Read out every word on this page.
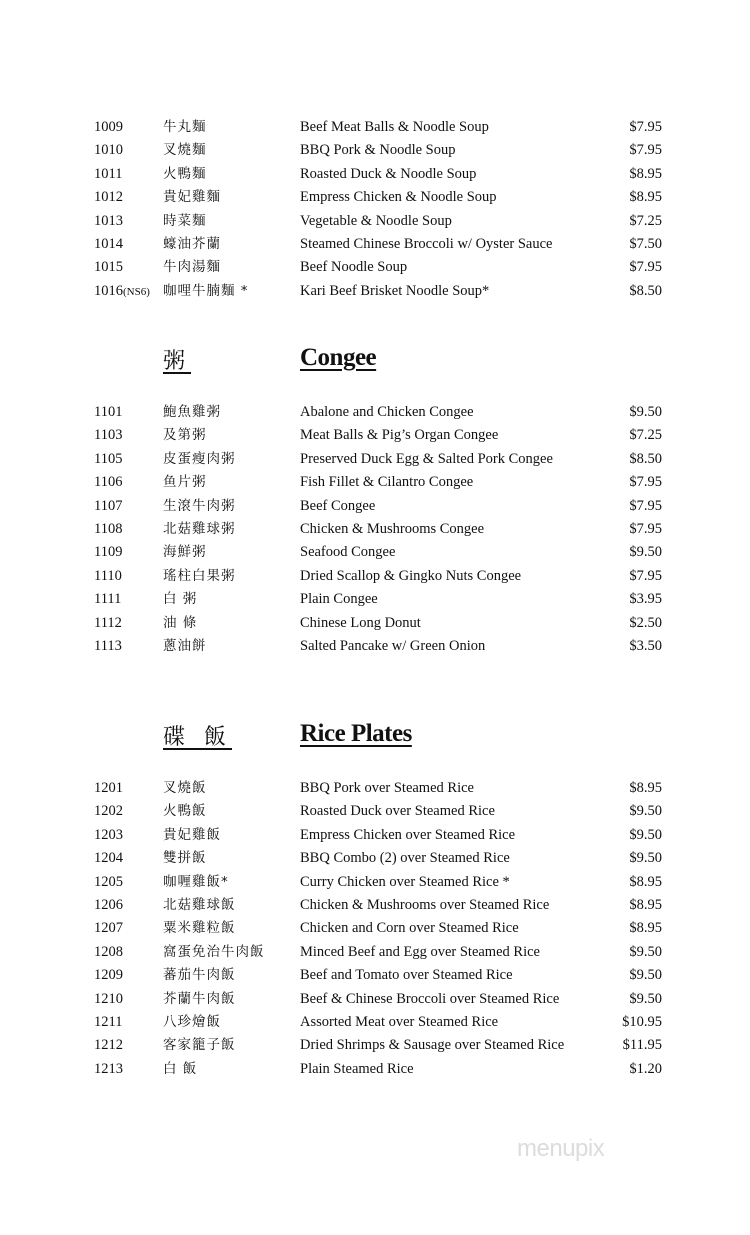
1009	牛丸麵	Beef Meat Balls & Noodle Soup	$7.95
1010	叉燒麵	BBQ Pork & Noodle Soup	$7.95
1011	火鴨麵	Roasted Duck & Noodle Soup	$8.95
1012	貴妃雞麵	Empress Chicken & Noodle Soup	$8.95
1013	時菜麵	Vegetable & Noodle Soup	$7.25
1014	蠔油芥蘭	Steamed Chinese Broccoli w/ Oyster Sauce	$7.50
1015	牛肉湯麵	Beef Noodle Soup	$7.95
1016(NS6) 咖哩牛腩麵 *	Kari Beef Brisket Noodle Soup*	$8.50
粥	Congee
1101	鮑魚雞粥	Abalone and Chicken Congee	$9.50
1103	及第粥	Meat Balls & Pig’s Organ Congee	$7.25
1105	皮蛋瘦肉粥	Preserved Duck Egg & Salted Pork Congee	$8.50
1106	鱼片粥	Fish Fillet & Cilantro Congee	$7.95
1107	生滾牛肉粥	Beef Congee	$7.95
1108	北菇雞球粥	Chicken & Mushrooms Congee	$7.95
1109	海鮮粥	Seafood Congee	$9.50
1110	瑤柱白果粥	Dried Scallop & Gingko Nuts Congee	$7.95
1111	白 粥	Plain Congee	$3.95
1112	油 條	Chinese Long Donut	$2.50
1113	蔥油餅	Salted Pancake w/ Green Onion	$3.50
碟 飯	Rice Plates
1201	叉燒飯	BBQ Pork over Steamed Rice	$8.95
1202	火鴨飯	Roasted Duck over Steamed Rice	$9.50
1203	貴妃雞飯	Empress Chicken over Steamed Rice	$9.50
1204	雙拼飯	BBQ Combo (2) over Steamed Rice	$9.50
1205	咖喱雞飯*	Curry Chicken over Steamed Rice *	$8.95
1206	北菇雞球飯	Chicken & Mushrooms over Steamed Rice	$8.95
1207	粟米雞粒飯	Chicken and Corn over Steamed Rice	$8.95
1208	窩蛋免治牛肉飯 Minced Beef and Egg over Steamed Rice	$9.50
1209	蕃茄牛肉飯	Beef and Tomato over Steamed Rice	$9.50
1210	芥蘭牛肉飯	Beef & Chinese Broccoli over Steamed Rice	$9.50
1211	八珍燴飯	Assorted Meat over Steamed Rice	$10.95
1212	客家籠子飯	Dried Shrimps & Sausage over Steamed Rice	$11.95
1213	白 飯	Plain Steamed Rice	$1.20
menupix
